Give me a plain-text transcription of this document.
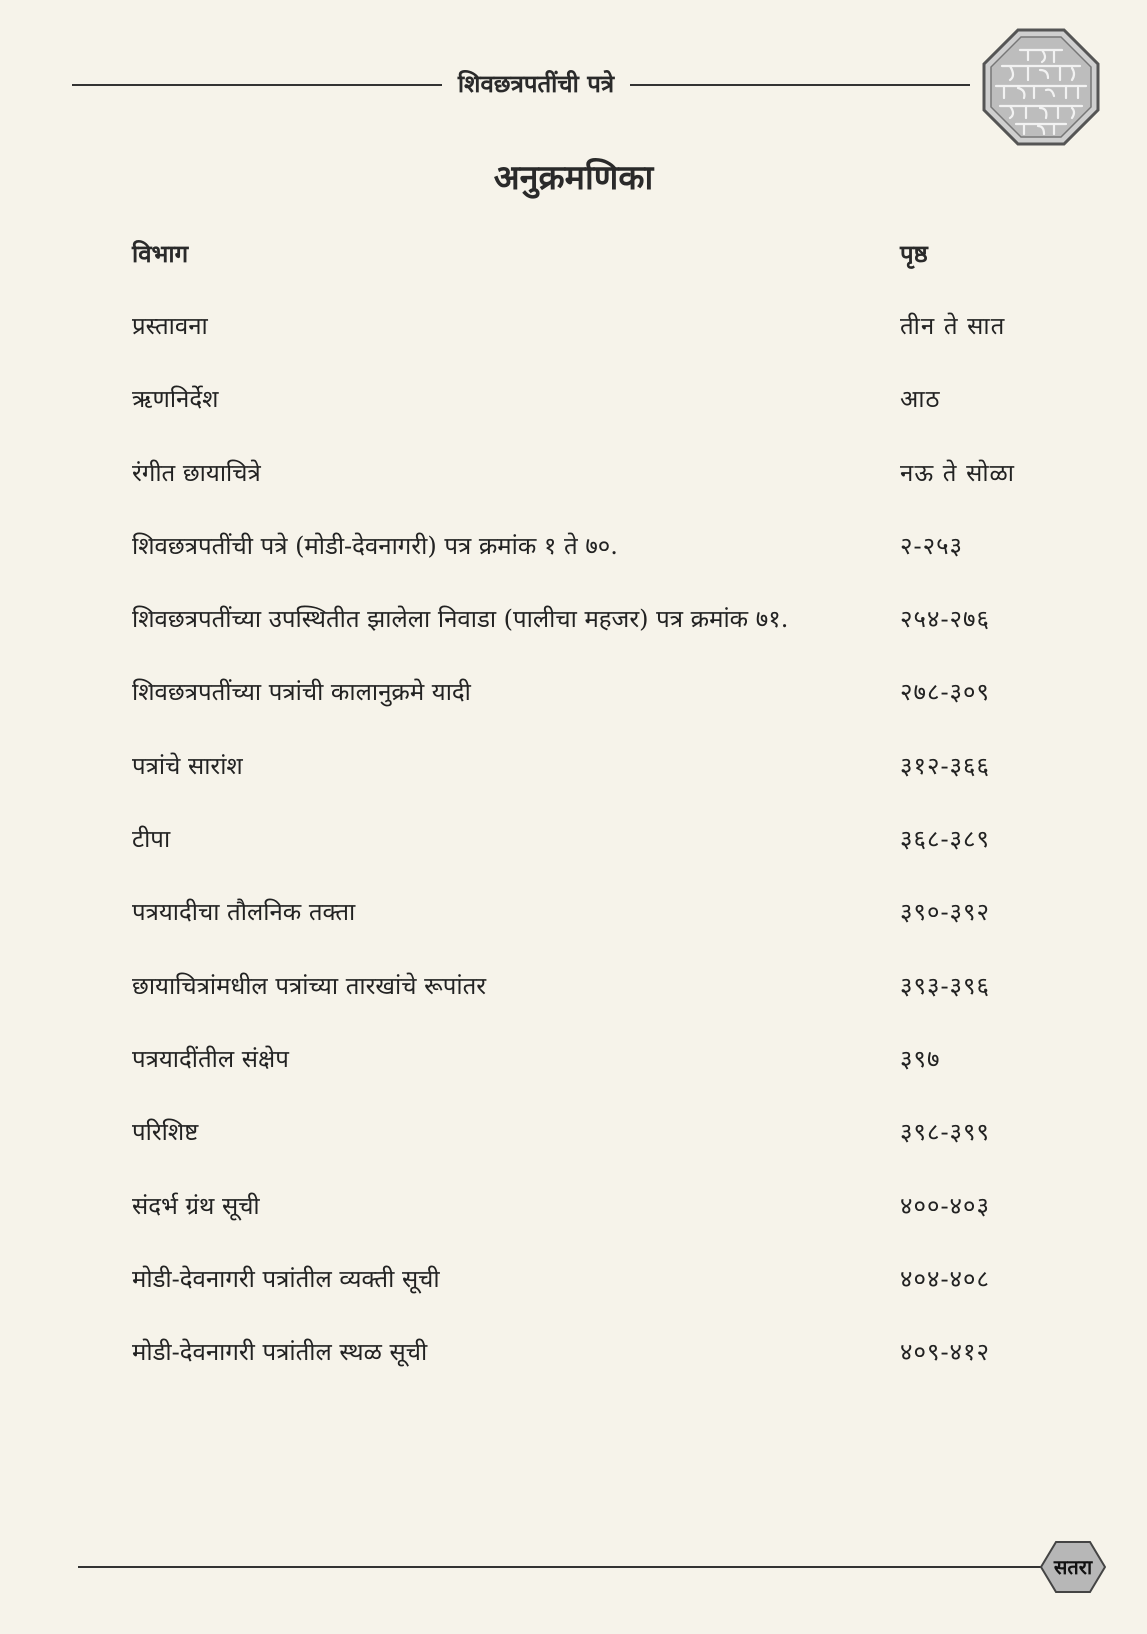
शिवछत्रपतींची पत्रे
अनुक्रमणिका
विभाग	पृष्ठ
प्रस्तावना	तीन ते सात
ऋणनिर्देश	आठ
रंगीत छायाचित्रे	नऊ ते सोळा
शिवछत्रपतींची पत्रे (मोडी-देवनागरी) पत्र क्रमांक १ ते ७०.	२-२५३
शिवछत्रपतींच्या उपस्थितीत झालेला निवाडा (पालीचा महजर) पत्र क्रमांक ७१.	२५४-२७६
शिवछत्रपतींच्या पत्रांची कालानुक्रमे यादी	२७८-३०९
पत्रांचे सारांश	३१२-३६६
टीपा	३६८-३८९
पत्रयादीचा तौलनिक तक्ता	३९०-३९२
छायाचित्रांमधील पत्रांच्या तारखांचे रूपांतर	३९३-३९६
पत्रयादींतील संक्षेप	३९७
परिशिष्ट	३९८-३९९
संदर्भ ग्रंथ सूची	४००-४०३
मोडी-देवनागरी पत्रांतील व्यक्ती सूची	४०४-४०८
मोडी-देवनागरी पत्रांतील स्थळ सूची	४०९-४१२
सतरा
